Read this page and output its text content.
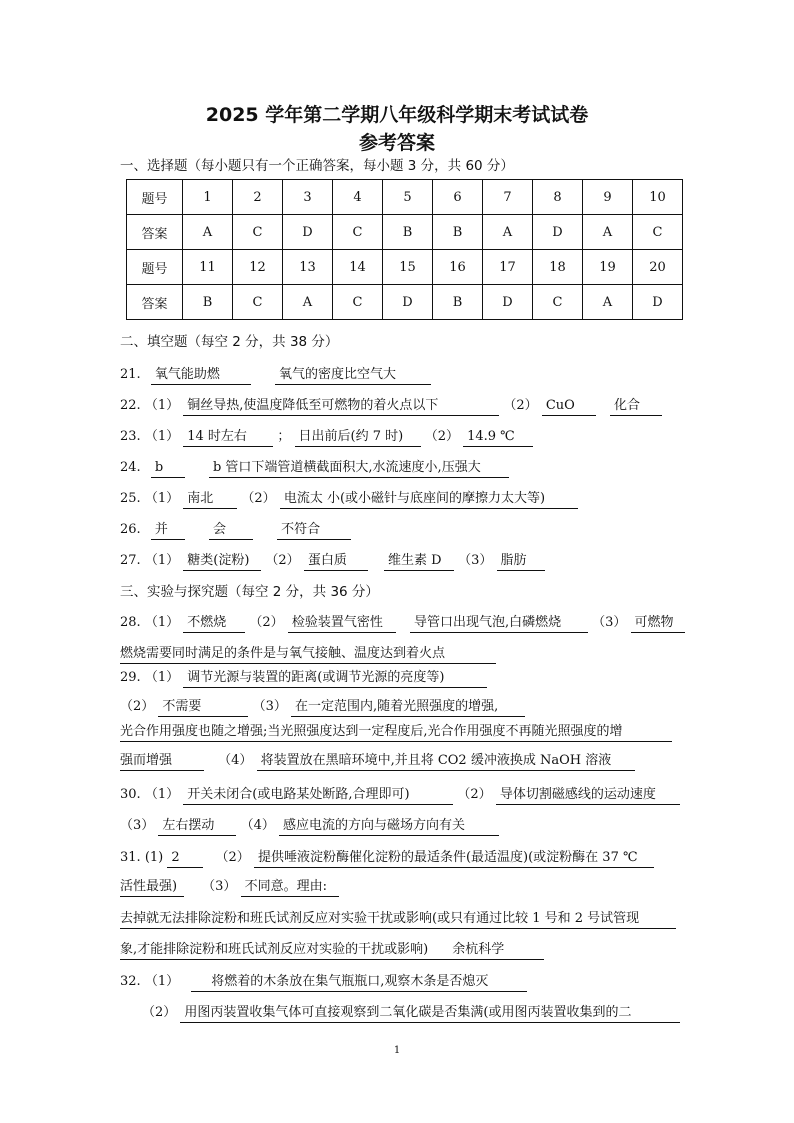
2025 学年第二学期八年级科学期末考试试卷
参考答案
一、选择题（每小题只有一个正确答案，每小题 3 分，共 60 分）
题号	1	2	3	4	5	6	7	8	9	10
答案	A	C	D	C	B	B	A	D	A	C
题号	11	12	13	14	15	16	17	18	19	20
答案	B	C	A	C	D	B	D	C	A	D
二、填空题（每空 2 分，共 38 分）
21. 氧气能助燃	氧气的密度比空气大
22. （1） 铜丝导热,使温度降低至可燃物的着火点以下	（2） CuO	化合
23. （1） 14 时左右 ； 日出前后(约 7 时) （2） 14.9 ℃
24. b	b 管口下端管道横截面积大,水流速度小,压强大
25. （1） 南北 （2） 电流太 小(或小磁针与底座间的摩擦力太大等)
26. 并	会	不符合
27. （1） 糖类(淀粉) （2） 蛋白质	维生素 D （3） 脂肪
三、实验与探究题（每空 2 分，共 36 分）
28. （1） 不燃烧 （2） 检验装置气密性 导管口出现气泡,白磷燃烧 （3） 可燃物
燃烧需要同时满足的条件是与氧气接触、温度达到着火点
29. （1） 调节光源与装置的距离(或调节光源的亮度等)
（2） 不需要	（3） 在一定范围内,随着光照强度的增强,
光合作用强度也随之增强;当光照强度达到一定程度后,光合作用强度不再随光照强度的增
强而增强	（4） 将装置放在黑暗环境中,并且将 CO2 缓冲液换成 NaOH 溶液
30. （1） 开关未闭合(或电路某处断路,合理即可)	（2） 导体切割磁感线的运动速度
（3） 左右摆动 （4） 感应电流的方向与磁场方向有关
31. (1) 2	（2） 提供唾液淀粉酶催化淀粉的最适条件(最适温度)(或淀粉酶在 37 ℃
活性最强) （3） 不同意。理由:
去掉就无法排除淀粉和班氏试剂反应对实验干扰或影响(或只有通过比较 1 号和 2 号试管现
象,才能排除淀粉和班氏试剂反应对实验的干扰或影响) 余杭科学
32. （1） 将燃着的木条放在集气瓶瓶口,观察木条是否熄灭
（2） 用图丙装置收集气体可直接观察到二氧化碳是否集满(或用图丙装置收集到的二
1
